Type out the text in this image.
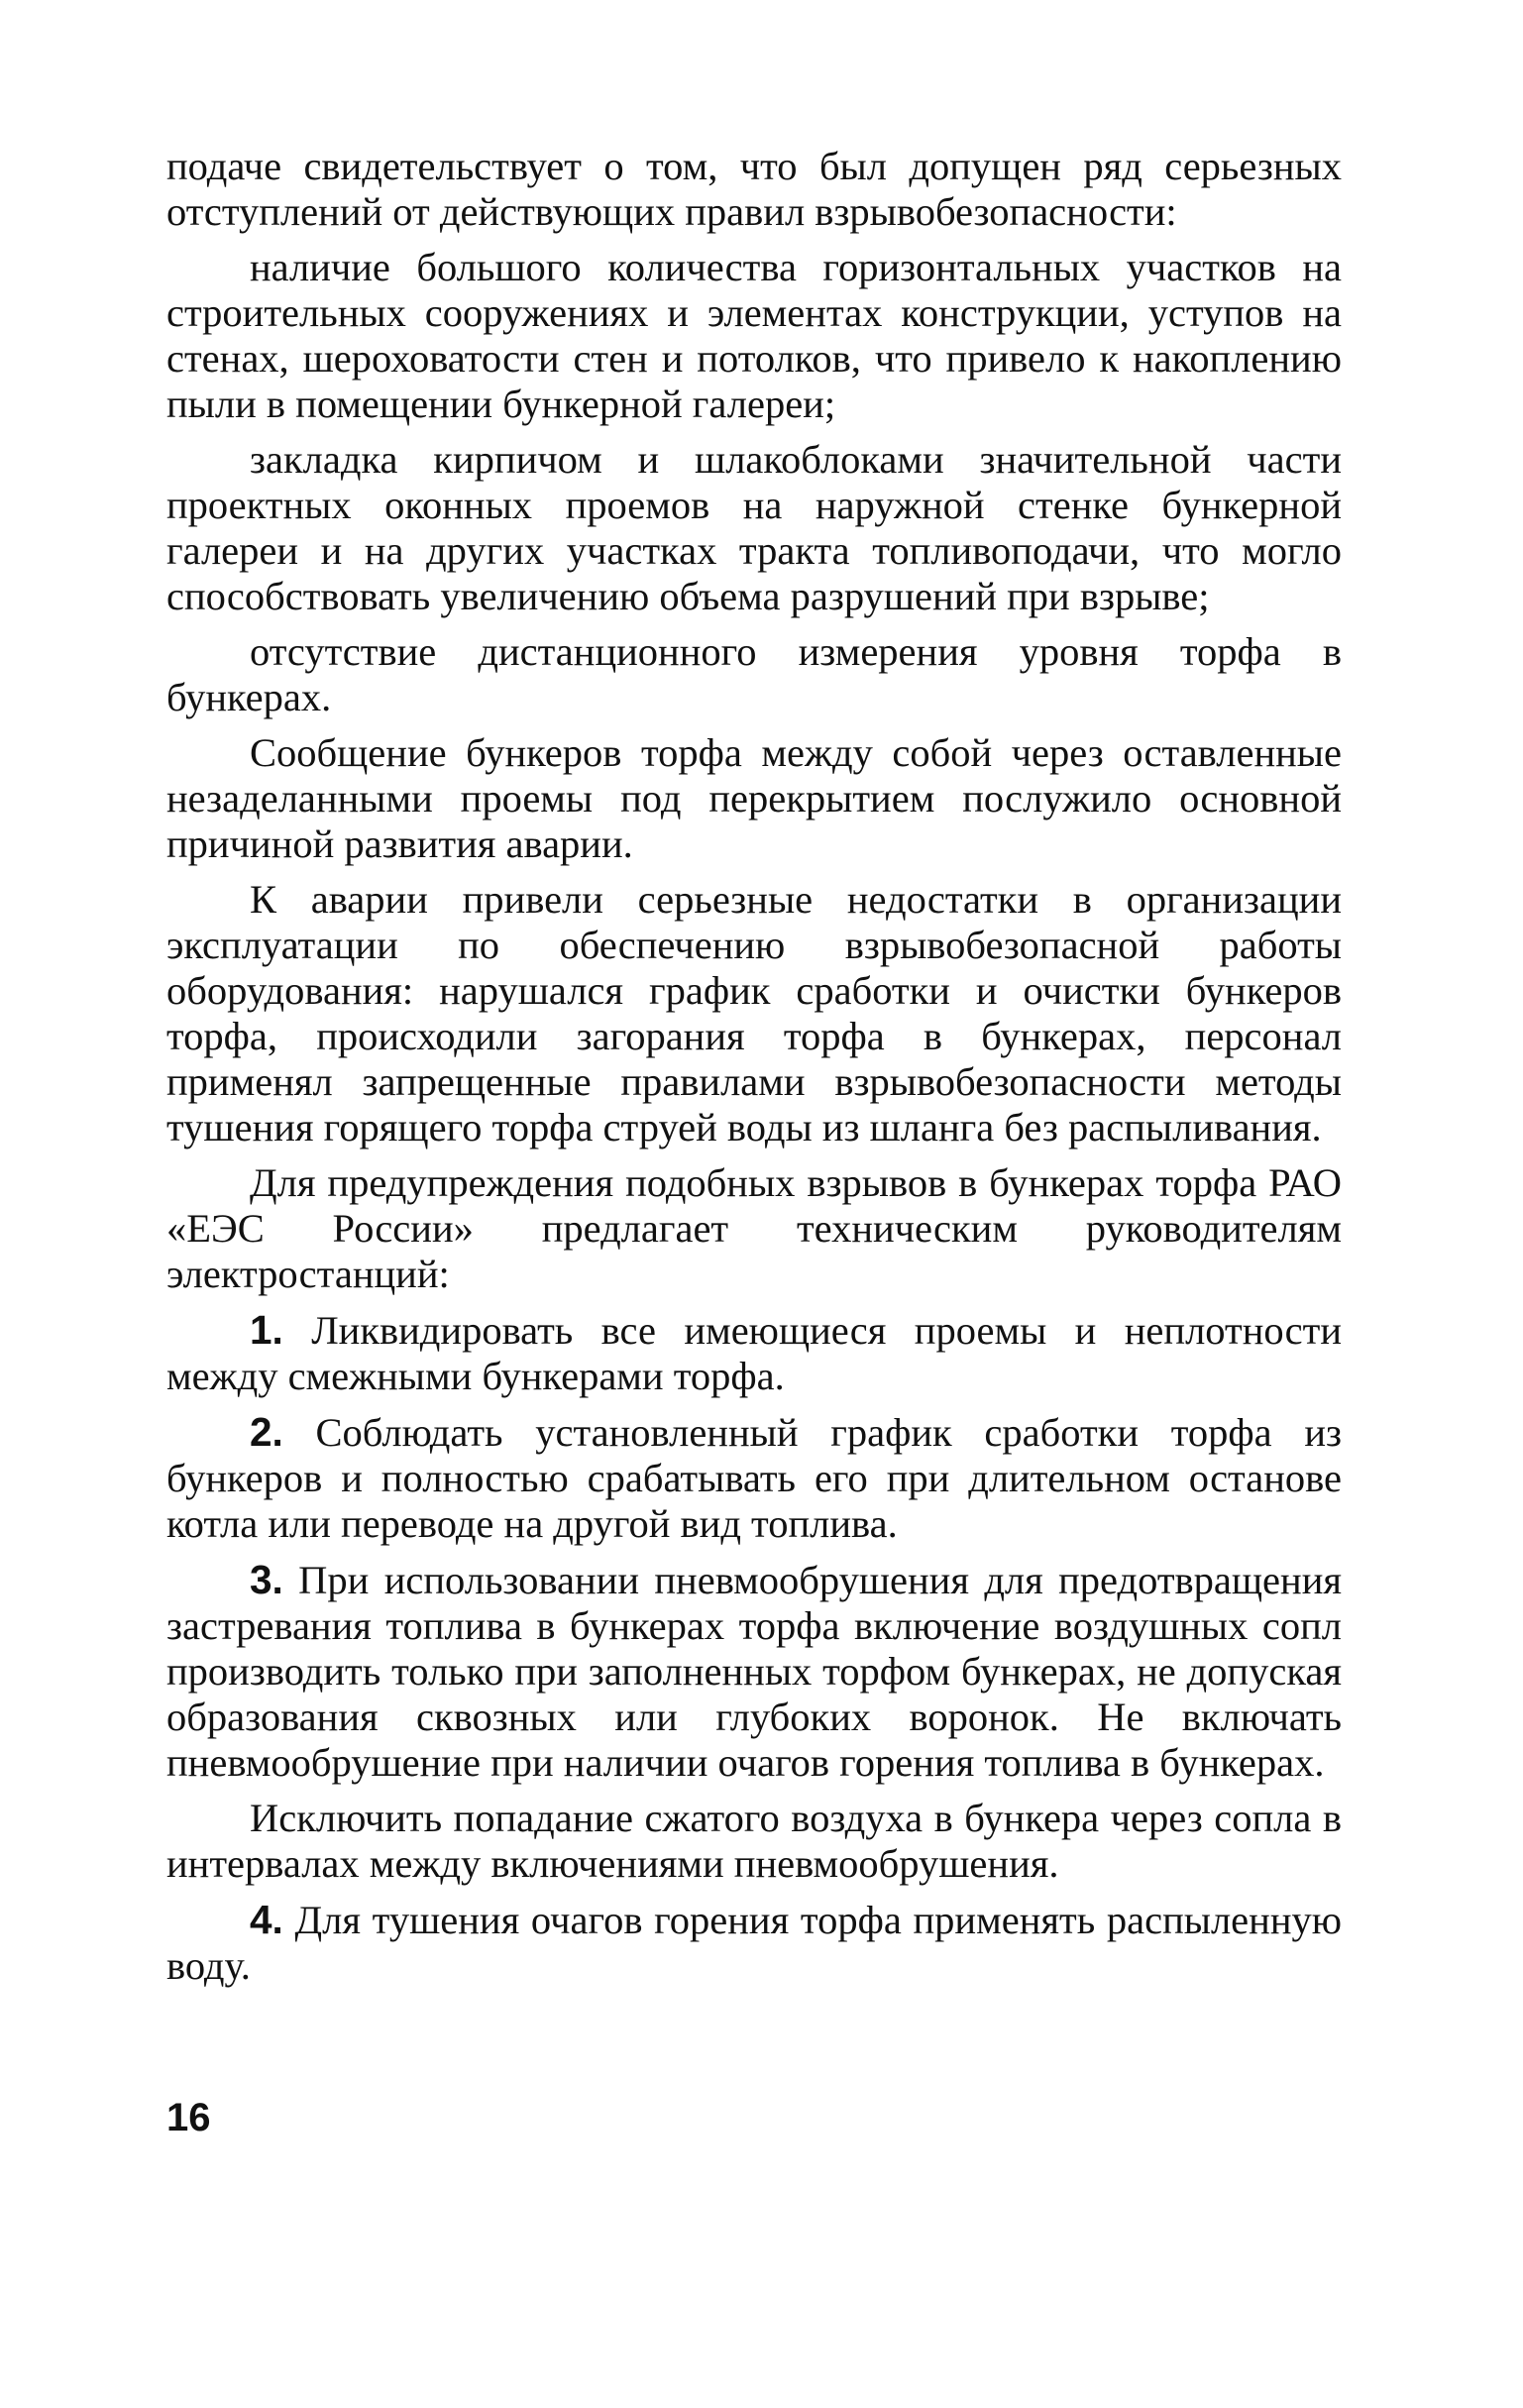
подаче свидетельствует о том, что был допущен ряд серьезных отступлений от действующих правил взрывобезопасности:

наличие большого количества горизонтальных участков на строительных сооружениях и элементах конструкции, уступов на стенах, шероховатости стен и потолков, что привело к накоплению пыли в помещении бункерной галереи;

закладка кирпичом и шлакоблоками значительной части проектных оконных проемов на наружной стенке бункерной галереи и на других участках тракта топливоподачи, что могло способствовать увеличению объема разрушений при взрыве;

отсутствие дистанционного измерения уровня торфа в бункерах.

Сообщение бункеров торфа между собой через оставленные незаделанными проемы под перекрытием послужило основной причиной развития аварии.

К аварии привели серьезные недостатки в организации эксплуатации по обеспечению взрывобезопасной работы оборудования: нарушался график сработки и очистки бункеров торфа, происходили загорания торфа в бункерах, персонал применял запрещенные правилами взрывобезопасности методы тушения горящего торфа струей воды из шланга без распыливания.

Для предупреждения подобных взрывов в бункерах торфа РАО «ЕЭС России» предлагает техническим руководителям электростанций:

1. Ликвидировать все имеющиеся проемы и неплотности между смежными бункерами торфа.

2. Соблюдать установленный график сработки торфа из бункеров и полностью срабатывать его при длительном останове котла или переводе на другой вид топлива.

3. При использовании пневмообрушения для предотвращения застревания топлива в бункерах торфа включение воздушных сопл производить только при заполненных торфом бункерах, не допуская образования сквозных или глубоких воронок. Не включать пневмообрушение при наличии очагов горения топлива в бункерах.

Исключить попадание сжатого воздуха в бункера через сопла в интервалах между включениями пневмообрушения.

4. Для тушения очагов горения торфа применять распыленную воду.

16
